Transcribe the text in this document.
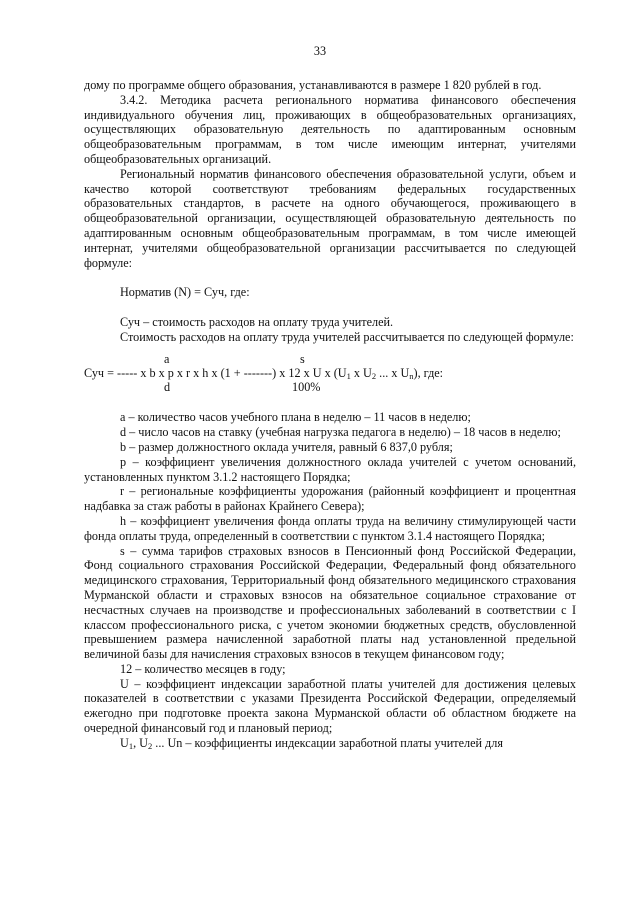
33

дому по программе общего образования, устанавливаются в размере 1 820 рублей в год.

3.4.2. Методика расчета регионального норматива финансового обеспечения индивидуального обучения лиц, проживающих в общеобразовательных организациях, осуществляющих образовательную деятельность по адаптированным основным общеобразовательным программам, в том числе имеющим интернат, учителями общеобразовательных организаций.

Региональный норматив финансового обеспечения образовательной услуги, объем и качество которой соответствуют требованиям федеральных государственных образовательных стандартов, в расчете на одного обучающегося, проживающего в общеобразовательной организации, осуществляющей образовательную деятельность по адаптированным основным общеобразовательным программам, в том числе имеющей интернат, учителями общеобразовательной организации рассчитывается по следующей формуле:

Норматив (N) = Суч, где:

Суч – стоимость расходов на оплату труда учителей.

Стоимость расходов на оплату труда учителей рассчитывается по следующей формуле:

a	s
Суч = ----- x b x p x r x h x (1 + -------) x 12 x U x ($U_1$ x $U_2$ ... x $U_n$), где:
d	100%

a – количество часов учебного плана в неделю – 11 часов в неделю;

d – число часов на ставку (учебная нагрузка педагога в неделю) – 18 часов в неделю;

b – размер должностного оклада учителя, равный 6 837,0 рубля;

p – коэффициент увеличения должностного оклада учителей с учетом оснований, установленных пунктом 3.1.2 настоящего Порядка;

r – региональные коэффициенты удорожания (районный коэффициент и процентная надбавка за стаж работы в районах Крайнего Севера);

h – коэффициент увеличения фонда оплаты труда на величину стимулирующей части фонда оплаты труда, определенный в соответствии с пунктом 3.1.4 настоящего Порядка;

s – сумма тарифов страховых взносов в Пенсионный фонд Российской Федерации, Фонд социального страхования Российской Федерации, Федеральный фонд обязательного медицинского страхования, Территориальный фонд обязательного медицинского страхования Мурманской области и страховых взносов на обязательное социальное страхование от несчастных случаев на производстве и профессиональных заболеваний в соответствии с I классом профессионального риска, с учетом экономии бюджетных средств, обусловленной превышением размера начисленной заработной платы над установленной предельной величиной базы для начисления страховых взносов в текущем финансовом году;

12 – количество месяцев в году;

U – коэффициент индексации заработной платы учителей для достижения целевых показателей в соответствии с указами Президента Российской Федерации, определяемый ежегодно при подготовке проекта закона Мурманской области об областном бюджете на очередной финансовый год и плановый период;

$U_1$, $U_2$ ... Un – коэффициенты индексации заработной платы учителей для
